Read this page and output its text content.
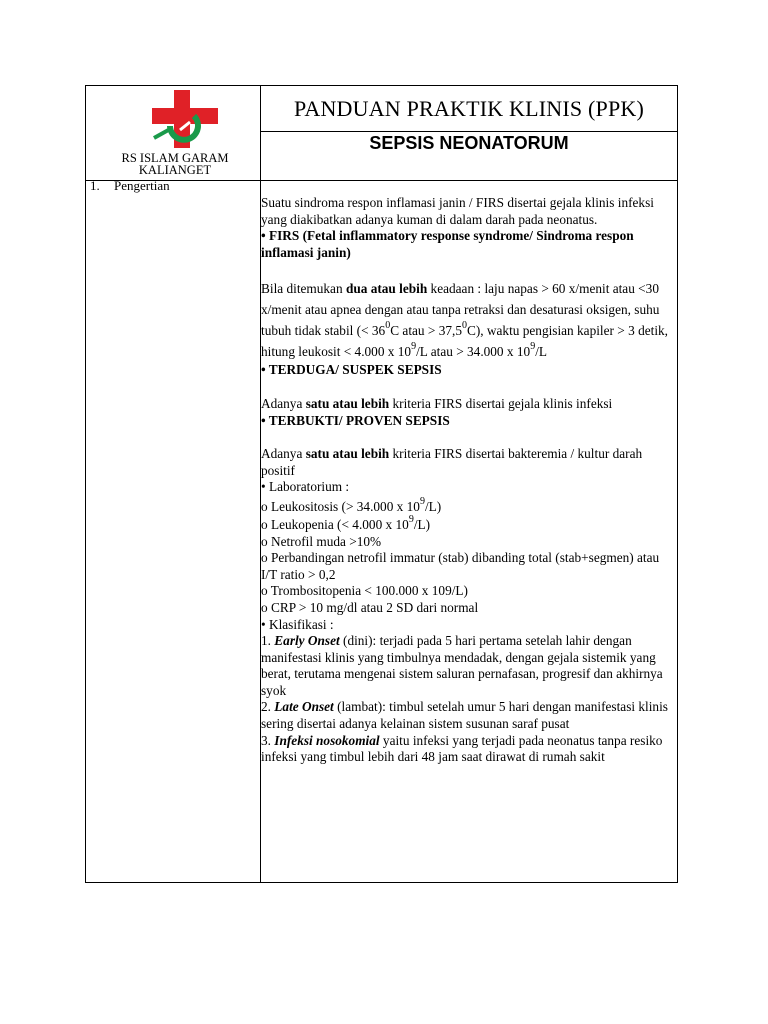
RS ISLAM GARAM KALIANGET
PANDUAN PRAKTIK KLINIS (PPK)
SEPSIS NEONATORUM
1. Pengertian

Suatu sindroma respon inflamasi janin / FIRS disertai gejala klinis infeksi yang diakibatkan adanya kuman di dalam darah pada neonatus.

• FIRS (Fetal inflammatory response syndrome/ Sindroma respon inflamasi janin)

Bila ditemukan dua atau lebih keadaan : laju napas > 60 x/menit atau <30 x/menit atau apnea dengan atau tanpa retraksi dan desaturasi oksigen, suhu tubuh tidak stabil (< $36^0C$ atau > $37,5^0C$), waktu pengisian kapiler > 3 detik, hitung leukosit < 4.000 x $10^9/L$ atau > 34.000 x $10^9/L$

• TERDUGA/ SUSPEK SEPSIS

Adanya satu atau lebih kriteria FIRS disertai gejala klinis infeksi

• TERBUKTI/ PROVEN SEPSIS

Adanya satu atau lebih kriteria FIRS disertai bakteremia / kultur darah positif

• Laboratorium :

o Leukositosis (> 34.000 x $10^9/L$)

o Leukopenia (< 4.000 x $10^9/L$)

o Netrofil muda >10%

o Perbandingan netrofil immatur (stab) dibanding total (stab+segmen) atau I/T ratio > 0,2

o Trombositopenia < 100.000 x 109/L)

o CRP > 10 mg/dl atau 2 SD dari normal

• Klasifikasi :

1. Early Onset (dini): terjadi pada 5 hari pertama setelah lahir dengan manifestasi klinis yang timbulnya mendadak, dengan gejala sistemik yang berat, terutama mengenai sistem saluran pernafasan, progresif dan akhirnya syok

2. Late Onset (lambat): timbul setelah umur 5 hari dengan manifestasi klinis sering disertai adanya kelainan sistem susunan saraf pusat

3. Infeksi nosokomial yaitu infeksi yang terjadi pada neonatus tanpa resiko infeksi yang timbul lebih dari 48 jam saat dirawat di rumah sakit
